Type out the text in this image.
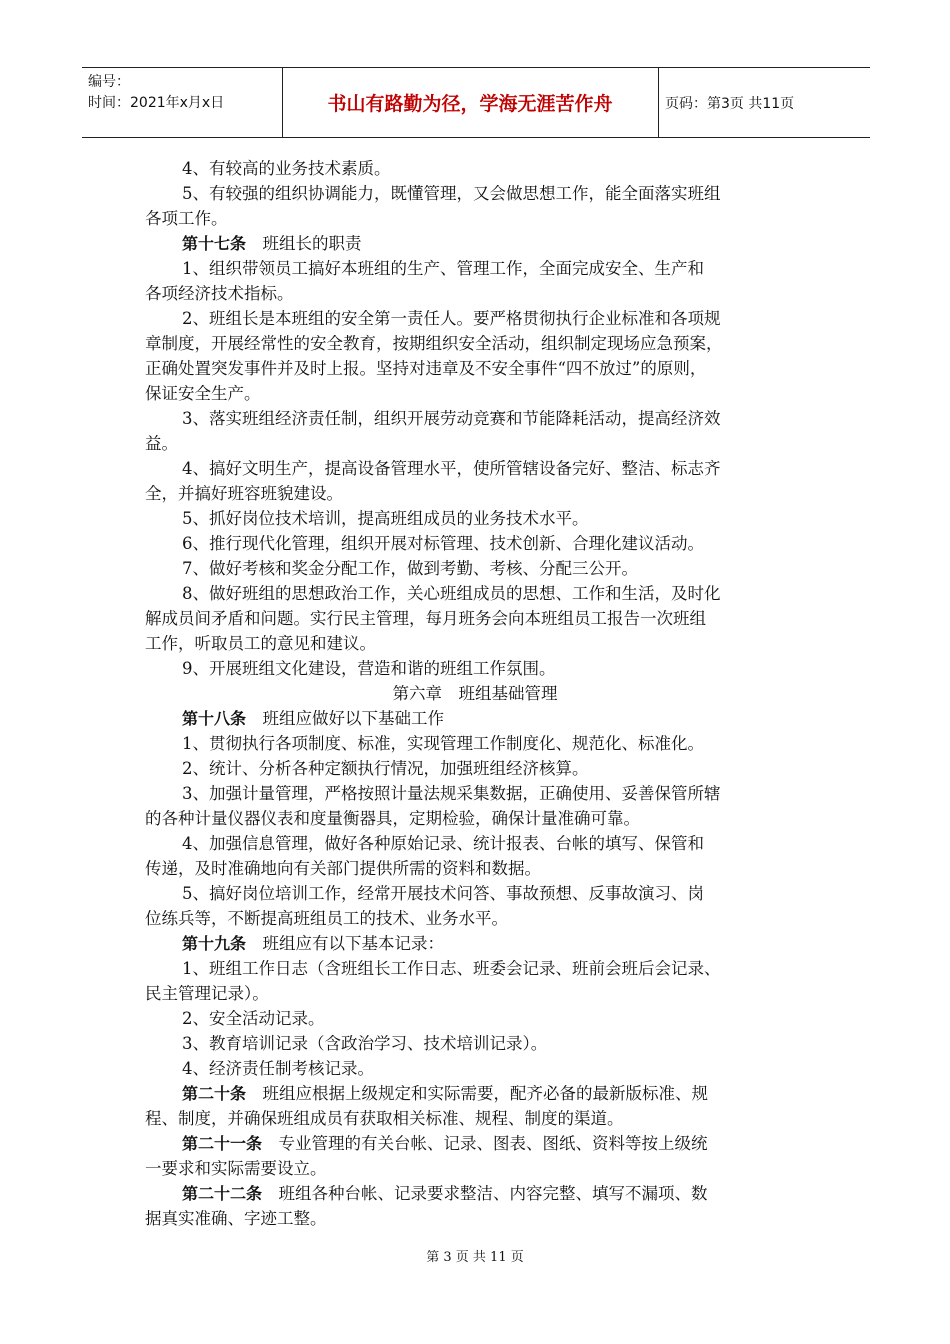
编号：
时间：2021年x月x日	书山有路勤为径，学海无涯苦作舟	页码：第3页 共11页
4、有较高的业务技术素质。
5、有较强的组织协调能力，既懂管理，又会做思想工作，能全面落实班组
各项工作。
第十七条　 班组长的职责
1、组织带领员工搞好本班组的生产、管理工作，全面完成安全、生产和
各项经济技术指标。
2、班组长是本班组的安全第一责任人。要严格贯彻执行企业标准和各项规
章制度，开展经常性的安全教育，按期组织安全活动，组织制定现场应急预案，
正确处置突发事件并及时上报。坚持对违章及不安全事件“四不放过”的原则，
保证安全生产。
3、落实班组经济责任制，组织开展劳动竞赛和节能降耗活动，提高经济效
益。
4、搞好文明生产，提高设备管理水平，使所管辖设备完好、整洁、标志齐
全，并搞好班容班貌建设。
5、抓好岗位技术培训，提高班组成员的业务技术水平。
6、推行现代化管理，组织开展对标管理、技术创新、合理化建议活动。
7、做好考核和奖金分配工作，做到考勤、考核、分配三公开。
8、做好班组的思想政治工作，关心班组成员的思想、工作和生活，及时化
解成员间矛盾和问题。实行民主管理，每月班务会向本班组员工报告一次班组
工作，听取员工的意见和建议。
9、开展班组文化建设，营造和谐的班组工作氛围。
第六章　班组基础管理
第十八条　 班组应做好以下基础工作
1、贯彻执行各项制度、标准，实现管理工作制度化、规范化、标准化。
2、统计、分析各种定额执行情况，加强班组经济核算。
3、加强计量管理，严格按照计量法规采集数据，正确使用、妥善保管所辖
的各种计量仪器仪表和度量衡器具，定期检验，确保计量准确可靠。
4、加强信息管理，做好各种原始记录、统计报表、台帐的填写、保管和
传递，及时准确地向有关部门提供所需的资料和数据。
5、搞好岗位培训工作，经常开展技术问答、事故预想、反事故演习、岗
位练兵等，不断提高班组员工的技术、业务水平。
第十九条　 班组应有以下基本记录：
1、班组工作日志（含班组长工作日志、班委会记录、班前会班后会记录、
民主管理记录）。
2、安全活动记录。
3、教育培训记录（含政治学习、技术培训记录）。
4、经济责任制考核记录。
第二十条　 班组应根据上级规定和实际需要，配齐必备的最新版标准、规
程、制度，并确保班组成员有获取相关标准、规程、制度的渠道。
第二十一条　 专业管理的有关台帐、记录、图表、图纸、资料等按上级统
一要求和实际需要设立。
第二十二条　 班组各种台帐、记录要求整洁、内容完整、填写不漏项、数
据真实准确、字迹工整。
第 3 页 共 11 页
